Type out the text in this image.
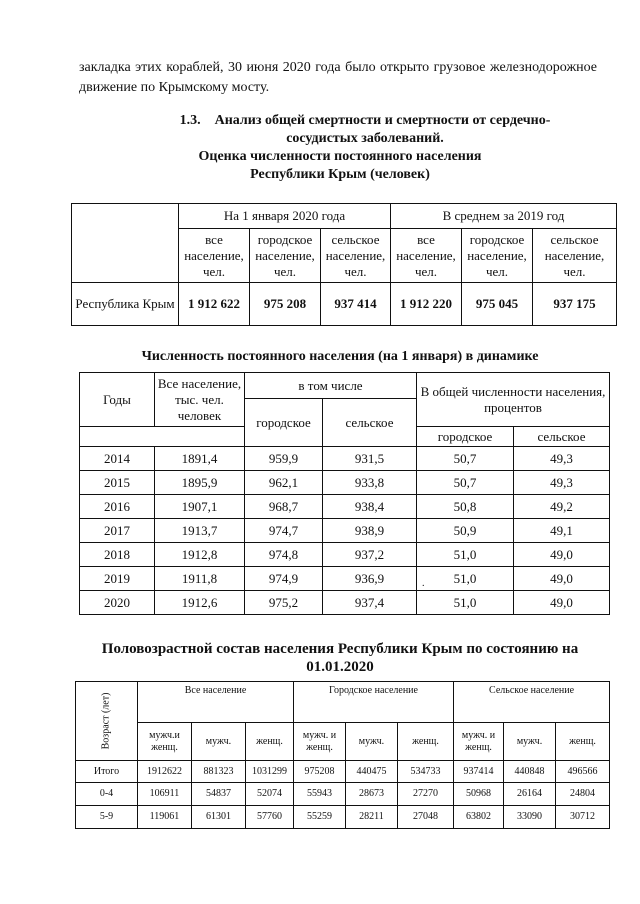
закладка этих кораблей, 30 июня 2020 года было открыто грузовое железнодорожное движение по Крымскому мосту.
1.3.    Анализ общей смертности и смертности от сердечно-
сосудистых заболеваний.
Оценка численности постоянного населения
Республики Крым (человек)
	На 1 января 2020 года			В среднем за 2019 год		
	все население, чел.	городское население, чел.	сельское население, чел.	все население, чел.	городское население, чел.	сельское население, чел.
Республика Крым	1 912 622	975 208	937 414	1 912 220	975 045	937 175
Численность постоянного населения (на 1 января) в динамике
Годы	Все население, тыс. чел. человек	в том числе		В общей численности населения, процентов	
		городское	сельское		
				городское	сельское
2014	1891,4	959,9	931,5	50,7	49,3
2015	1895,9	962,1	933,8	50,7	49,3
2016	1907,1	968,7	938,4	50,8	49,2
2017	1913,7	974,7	938,9	50,9	49,1
2018	1912,8	974,8	937,2	51,0	49,0
2019	1911,8	974,9	936,9	51,0	49,0
2020	1912,6	975,2	937,4	51,0	49,0
.
Половозрастной состав населения Республики Крым по состоянию на
01.01.2020
Возраст (лет)	Все население			Городское население			Сельское население		
	мужч.и женщ.	мужч.	женщ.	мужч. и женщ.	мужч.	женщ.	мужч. и женщ.	мужч.	женщ.
Итого	1912622	881323	1031299	975208	440475	534733	937414	440848	496566
0-4	106911	54837	52074	55943	28673	27270	50968	26164	24804
5-9	119061	61301	57760	55259	28211	27048	63802	33090	30712
